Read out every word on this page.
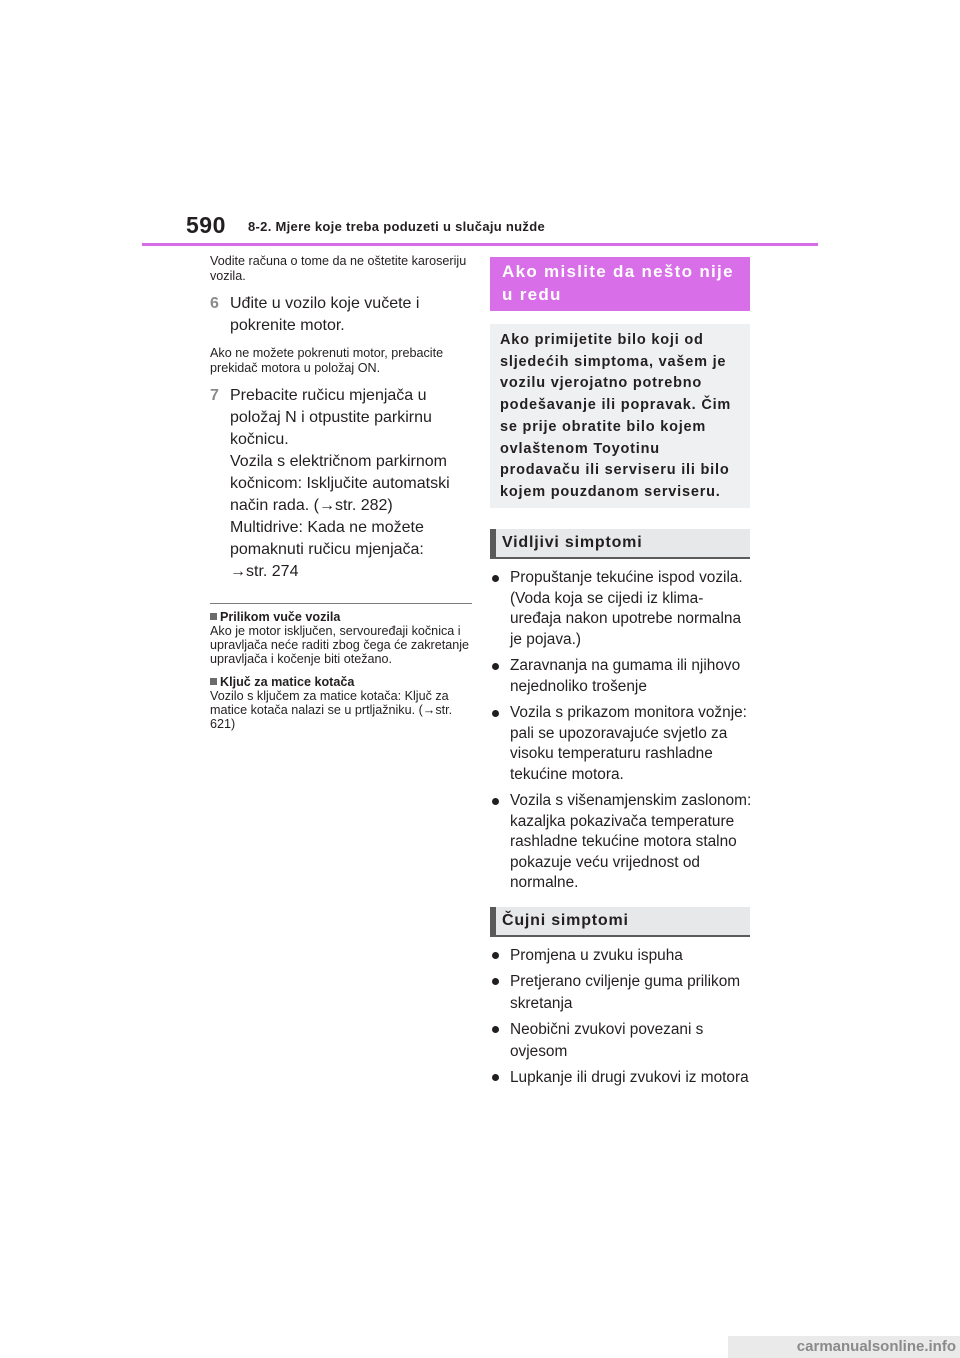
590 8-2. Mjere koje treba poduzeti u slučaju nužde
Vodite računa o tome da ne oštetite karoseriju vozila.
6 Uđite u vozilo koje vučete i pokrenite motor.
Ako ne možete pokrenuti motor, prebacite prekidač motora u položaj ON.
7 Prebacite ručicu mjenjača u položaj N i otpustite parkirnu kočnicu.
Vozila s električnom parkirnom kočnicom: Isključite automatski način rada. (→str. 282)
Multidrive: Kada ne možete pomaknuti ručicu mjenjača:
→str. 274
Prilikom vuče vozila
Ako je motor isključen, servouređaji kočnica i upravljača neće raditi zbog čega će zakretanje upravljača i kočenje biti otežano.
Ključ za matice kotača
Vozilo s ključem za matice kotača: Ključ za matice kotača nalazi se u prtljažniku. (→str. 621)
Ako mislite da nešto nije u redu
Ako primijetite bilo koji od sljedećih simptoma, vašem je vozilu vjerojatno potrebno podešavanje ili popravak. Čim se prije obratite bilo kojem ovlaštenom Toyotinu prodavaču ili serviseru ili bilo kojem pouzdanom serviseru.
Vidljivi simptomi
Propuštanje tekućine ispod vozila. (Voda koja se cijedi iz klima-uređaja nakon upotrebe normalna je pojava.)
Zaravnanja na gumama ili njihovo nejednoliko trošenje
Vozila s prikazom monitora vožnje: pali se upozoravajuće svjetlo za visoku temperaturu rashladne tekućine motora.
Vozila s višenamjenskim zaslonom: kazaljka pokazivača temperature rashladne tekućine motora stalno pokazuje veću vrijednost od normalne.
Čujni simptomi
Promjena u zvuku ispuha
Pretjerano cviljenje guma prilikom skretanja
Neobični zvukovi povezani s ovjesom
Lupkanje ili drugi zvukovi iz motora
carmanualsonline.info
